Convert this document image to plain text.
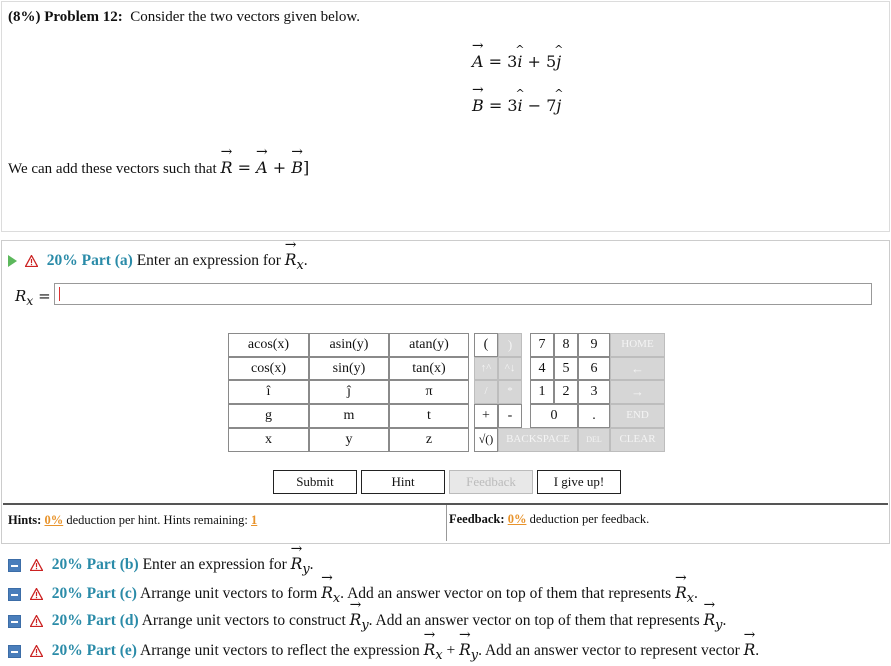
(8%) Problem 12: Consider the two vectors given below.
→ A = 3^ i + 5^ j
→ B = 3^ i − 7^ j
We can add these vectors such that → R = → A + → B]
20% Part (a) Enter an expression for → $R_x$.
$R_x$ =
acos(x)	asin(y)	atan(y)
cos(x)	sin(y)	tan(x)
î	ĵ	π
g	m	t
x	y	z
(	)
↑^	^↓
/	*
+	-
√()	BACKSPACE	DEL
7	8	9
4	5	6
1	2	3
0	.
HOME
←
→
END
CLEAR
Submit	Hint	Feedback	I give up!
Hints: 0% deduction per hint. Hints remaining: 1	Feedback: 0% deduction per feedback.
20% Part (b) Enter an expression for → $R_y$.
20% Part (c) Arrange unit vectors to form → $R_x$. Add an answer vector on top of them that represents → $R_x$.
20% Part (d) Arrange unit vectors to construct → $R_y$. Add an answer vector on top of them that represents → $R_y$.
20% Part (e) Arrange unit vectors to reflect the expression → $R_x$ + → $R_y$. Add an answer vector to represent vector → R.
